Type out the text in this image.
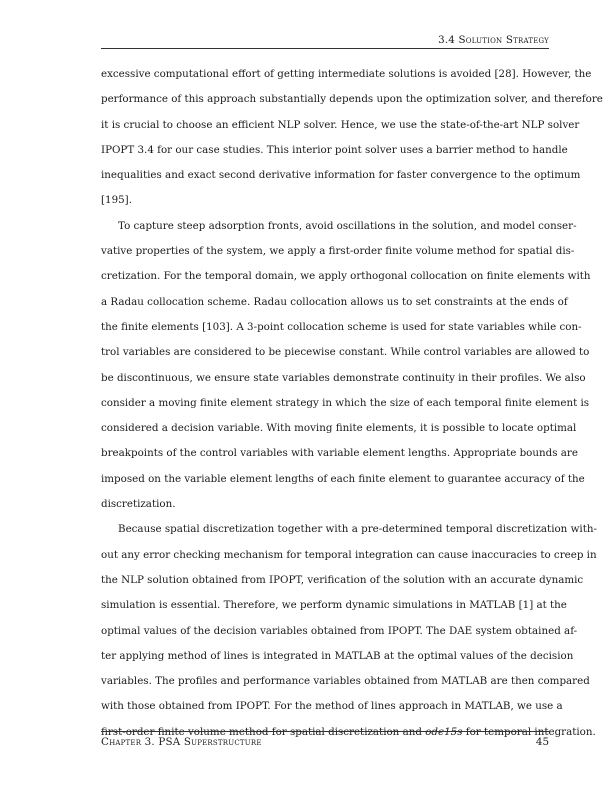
3.4 Solution Strategy
excessive computational effort of getting intermediate solutions is avoided [28]. However, the
performance of this approach substantially depends upon the optimization solver, and therefore
it is crucial to choose an efficient NLP solver. Hence, we use the state-of-the-art NLP solver
IPOPT 3.4 for our case studies. This interior point solver uses a barrier method to handle
inequalities and exact second derivative information for faster convergence to the optimum
[195].
To capture steep adsorption fronts, avoid oscillations in the solution, and model conser-
vative properties of the system, we apply a first-order finite volume method for spatial dis-
cretization. For the temporal domain, we apply orthogonal collocation on finite elements with
a Radau collocation scheme. Radau collocation allows us to set constraints at the ends of
the finite elements [103]. A 3-point collocation scheme is used for state variables while con-
trol variables are considered to be piecewise constant. While control variables are allowed to
be discontinuous, we ensure state variables demonstrate continuity in their profiles. We also
consider a moving finite element strategy in which the size of each temporal finite element is
considered a decision variable. With moving finite elements, it is possible to locate optimal
breakpoints of the control variables with variable element lengths. Appropriate bounds are
imposed on the variable element lengths of each finite element to guarantee accuracy of the
discretization.
Because spatial discretization together with a pre-determined temporal discretization with-
out any error checking mechanism for temporal integration can cause inaccuracies to creep in
the NLP solution obtained from IPOPT, verification of the solution with an accurate dynamic
simulation is essential. Therefore, we perform dynamic simulations in MATLAB [1] at the
optimal values of the decision variables obtained from IPOPT. The DAE system obtained af-
ter applying method of lines is integrated in MATLAB at the optimal values of the decision
variables. The profiles and performance variables obtained from MATLAB are then compared
with those obtained from IPOPT. For the method of lines approach in MATLAB, we use a
first-order finite volume method for spatial discretization and ode15s for temporal integration.
Chapter 3. PSA Superstructure	45
